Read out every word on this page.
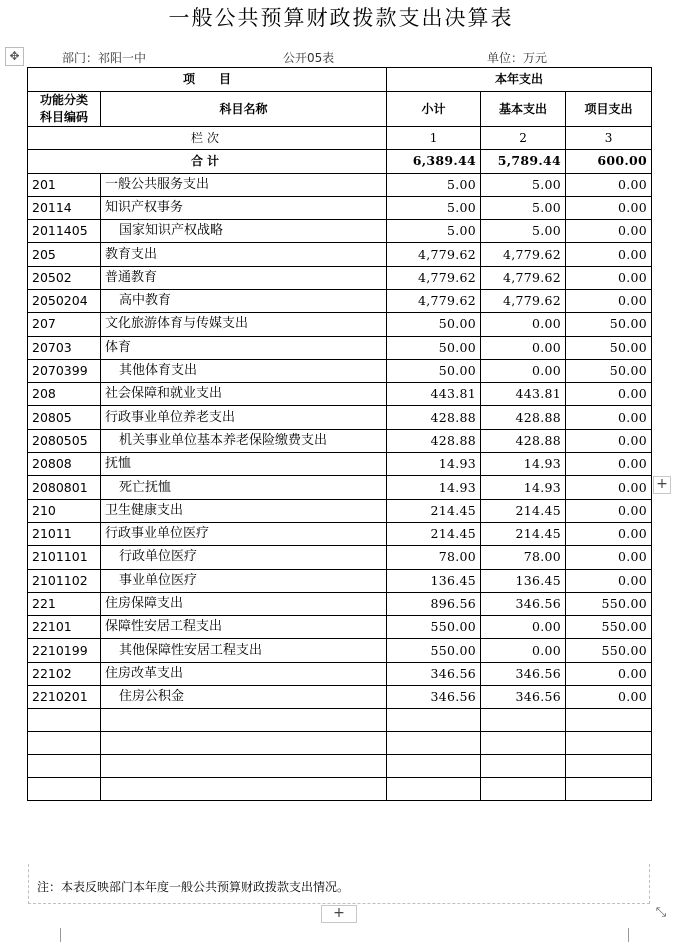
一般公共预算财政拨款支出决算表
✥	部门：祁阳一中	公开05表	单位：万元
项　　目		本年支出		
功能分类
科目编码	科目名称	小计	基本支出	项目支出
栏次		1	2	3
合计		6,389.44	5,789.44	600.00
201	一般公共服务支出	5.00	5.00	0.00
20114	知识产权事务	5.00	5.00	0.00
2011405	国家知识产权战略	5.00	5.00	0.00
205	教育支出	4,779.62	4,779.62	0.00
20502	普通教育	4,779.62	4,779.62	0.00
2050204	高中教育	4,779.62	4,779.62	0.00
207	文化旅游体育与传媒支出	50.00	0.00	50.00
20703	体育	50.00	0.00	50.00
2070399	其他体育支出	50.00	0.00	50.00
208	社会保障和就业支出	443.81	443.81	0.00
20805	行政事业单位养老支出	428.88	428.88	0.00
2080505	机关事业单位基本养老保险缴费支出	428.88	428.88	0.00
20808	抚恤	14.93	14.93	0.00
2080801	死亡抚恤	14.93	14.93	0.00
210	卫生健康支出	214.45	214.45	0.00
21011	行政事业单位医疗	214.45	214.45	0.00
2101101	行政单位医疗	78.00	78.00	0.00
2101102	事业单位医疗	136.45	136.45	0.00
221	住房保障支出	896.56	346.56	550.00
22101	保障性安居工程支出	550.00	0.00	550.00
2210199	其他保障性安居工程支出	550.00	0.00	550.00
22102	住房改革支出	346.56	346.56	0.00
2210201	住房公积金	346.56	346.56	0.00

注：本表反映部门本年度一般公共预算财政拨款支出情况。
+
+
⤡
